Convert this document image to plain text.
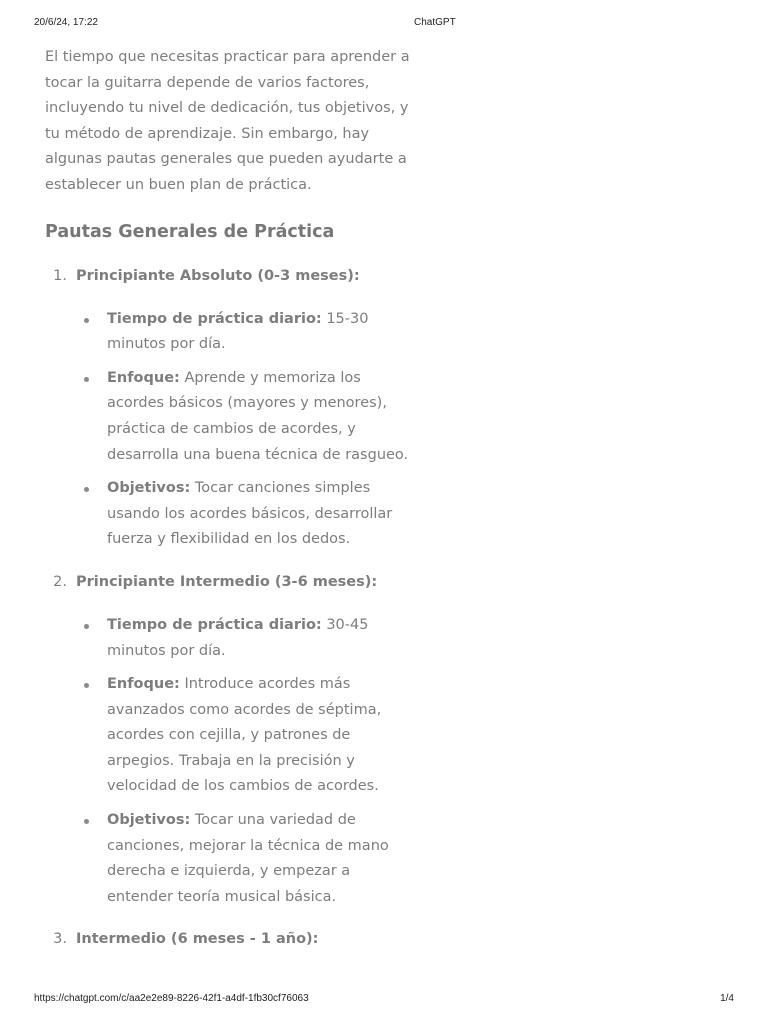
20/6/24, 17:22	ChatGPT

El tiempo que necesitas practicar para aprender a tocar la guitarra depende de varios factores, incluyendo tu nivel de dedicación, tus objetivos, y tu método de aprendizaje. Sin embargo, hay algunas pautas generales que pueden ayudarte a establecer un buen plan de práctica.

Pautas Generales de Práctica
1. Principiante Absoluto (0-3 meses):
Tiempo de práctica diario: 15-30 minutos por día.
Enfoque: Aprende y memoriza los acordes básicos (mayores y menores), práctica de cambios de acordes, y desarrolla una buena técnica de rasgueo.
Objetivos: Tocar canciones simples usando los acordes básicos, desarrollar fuerza y flexibilidad en los dedos.
2. Principiante Intermedio (3-6 meses):
Tiempo de práctica diario: 30-45 minutos por día.
Enfoque: Introduce acordes más avanzados como acordes de séptima, acordes con cejilla, y patrones de arpegios. Trabaja en la precisión y velocidad de los cambios de acordes.
Objetivos: Tocar una variedad de canciones, mejorar la técnica de mano derecha e izquierda, y empezar a entender teoría musical básica.
3. Intermedio (6 meses - 1 año):
https://chatgpt.com/c/aa2e2e89-8226-42f1-a4df-1fb30cf76063	1/4
